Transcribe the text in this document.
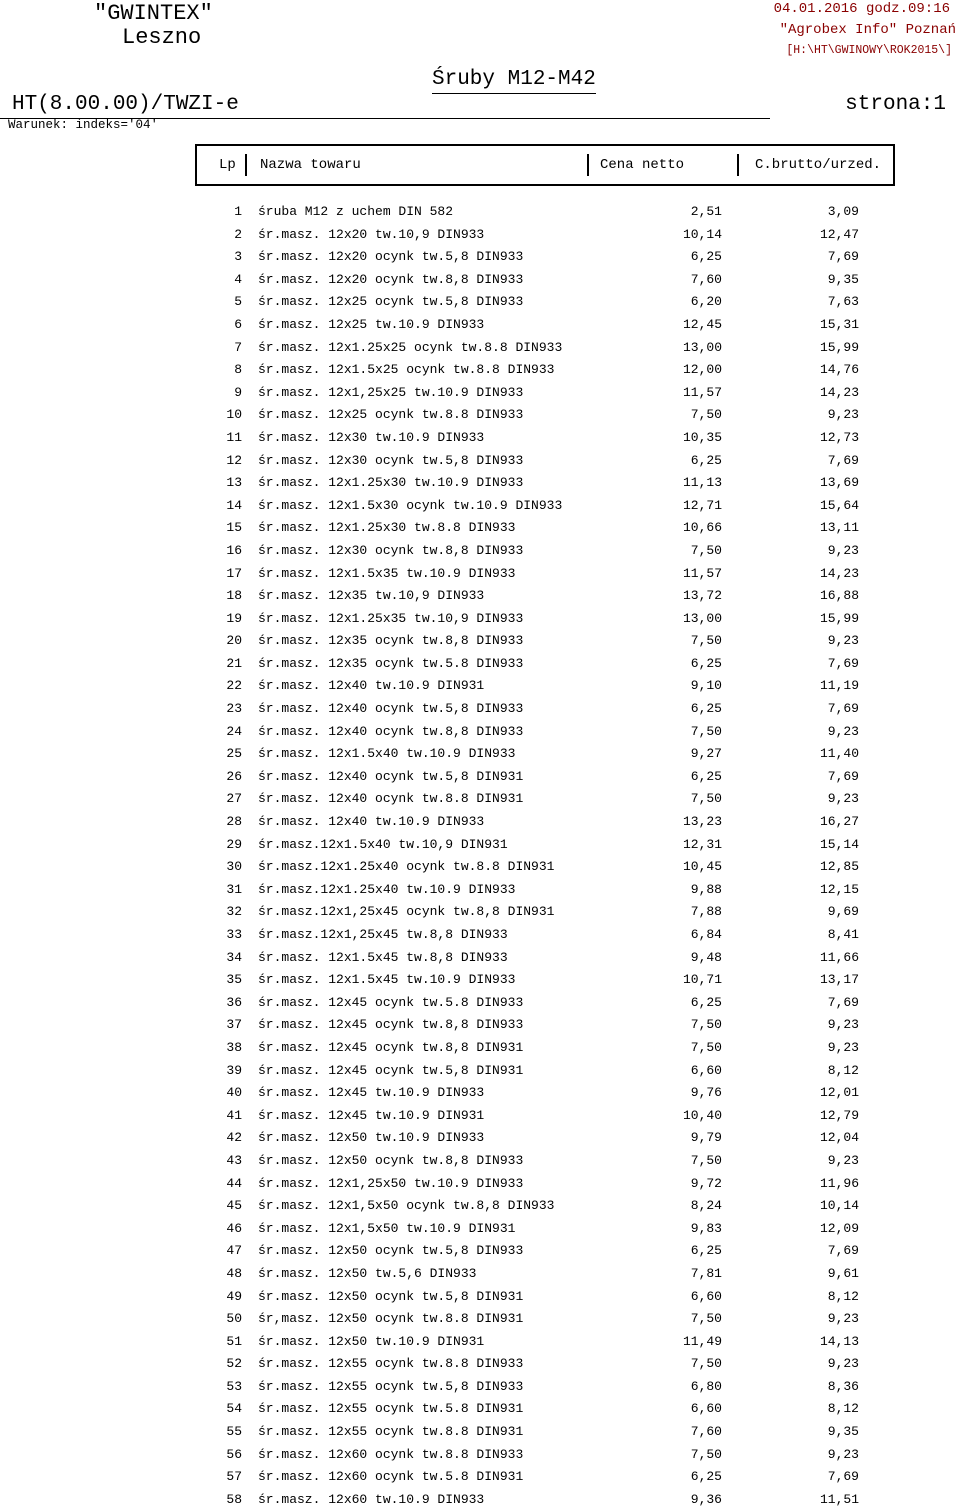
"GWINTEX"
Leszno
04.01.2016 godz.09:16
"Agrobex Info" Poznań
[H:\HT\GWINOWY\ROK2015\]
Śruby M12-M42
HT(8.00.00)/TWZI-e	strona:1
Warunek: indeks='04'
Lp Nazwa towaru	Cena netto	C.brutto/urzed.
1 śruba M12 z uchem DIN 582	2,51	3,09
2 śr.masz. 12x20 tw.10,9 DIN933	10,14	12,47
3 śr.masz. 12x20 ocynk tw.5,8 DIN933	6,25	7,69
4 śr.masz. 12x20 ocynk tw.8,8 DIN933	7,60	9,35
5 śr.masz. 12x25 ocynk tw.5,8 DIN933	6,20	7,63
6 śr.masz. 12x25 tw.10.9 DIN933	12,45	15,31
7 śr.masz. 12x1.25x25 ocynk tw.8.8 DIN933	13,00	15,99
8 śr.masz. 12x1.5x25 ocynk tw.8.8 DIN933	12,00	14,76
9 śr.masz. 12x1,25x25 tw.10.9 DIN933	11,57	14,23
10 śr.masz. 12x25 ocynk tw.8.8 DIN933	7,50	9,23
11 śr.masz. 12x30 tw.10.9 DIN933	10,35	12,73
12 śr.masz. 12x30 ocynk tw.5,8 DIN933	6,25	7,69
13 śr.masz. 12x1.25x30 tw.10.9 DIN933	11,13	13,69
14 śr.masz. 12x1.5x30 ocynk tw.10.9 DIN933	12,71	15,64
15 śr.masz. 12x1.25x30 tw.8.8 DIN933	10,66	13,11
16 śr.masz. 12x30 ocynk tw.8,8 DIN933	7,50	9,23
17 śr.masz. 12x1.5x35 tw.10.9 DIN933	11,57	14,23
18 śr.masz. 12x35 tw.10,9 DIN933	13,72	16,88
19 śr.masz. 12x1.25x35 tw.10,9 DIN933	13,00	15,99
20 śr.masz. 12x35 ocynk tw.8,8 DIN933	7,50	9,23
21 śr.masz. 12x35 ocynk tw.5.8 DIN933	6,25	7,69
22 śr.masz. 12x40 tw.10.9 DIN931	9,10	11,19
23 śr.masz. 12x40 ocynk tw.5,8 DIN933	6,25	7,69
24 śr.masz. 12x40 ocynk tw.8,8 DIN933	7,50	9,23
25 śr.masz. 12x1.5x40 tw.10.9 DIN933	9,27	11,40
26 śr.masz. 12x40 ocynk tw.5,8 DIN931	6,25	7,69
27 śr.masz. 12x40 ocynk tw.8.8 DIN931	7,50	9,23
28 śr.masz. 12x40 tw.10.9 DIN933	13,23	16,27
29 śr.masz.12x1.5x40 tw.10,9 DIN931	12,31	15,14
30 śr.masz.12x1.25x40 ocynk tw.8.8 DIN931	10,45	12,85
31 śr.masz.12x1.25x40 tw.10.9 DIN933	9,88	12,15
32 śr.masz.12x1,25x45 ocynk tw.8,8 DIN931	7,88	9,69
33 śr.masz.12x1,25x45 tw.8,8 DIN933	6,84	8,41
34 śr.masz. 12x1.5x45 tw.8,8 DIN933	9,48	11,66
35 śr.masz. 12x1.5x45 tw.10.9 DIN933	10,71	13,17
36 śr.masz. 12x45 ocynk tw.5.8 DIN933	6,25	7,69
37 śr.masz. 12x45 ocynk tw.8,8 DIN933	7,50	9,23
38 śr.masz. 12x45 ocynk tw.8,8 DIN931	7,50	9,23
39 śr.masz. 12x45 ocynk tw.5,8 DIN931	6,60	8,12
40 śr.masz. 12x45 tw.10.9 DIN933	9,76	12,01
41 śr.masz. 12x45 tw.10.9 DIN931	10,40	12,79
42 śr.masz. 12x50 tw.10.9 DIN933	9,79	12,04
43 śr.masz. 12x50 ocynk tw.8,8 DIN933	7,50	9,23
44 śr.masz. 12x1,25x50 tw.10.9 DIN933	9,72	11,96
45 śr.masz. 12x1,5x50 ocynk tw.8,8 DIN933	8,24	10,14
46 śr.masz. 12x1,5x50 tw.10.9 DIN931	9,83	12,09
47 śr.masz. 12x50 ocynk tw.5,8 DIN933	6,25	7,69
48 śr.masz. 12x50 tw.5,6 DIN933	7,81	9,61
49 śr.masz. 12x50 ocynk tw.5,8 DIN931	6,60	8,12
50 śr,masz. 12x50 ocynk tw.8.8 DIN931	7,50	9,23
51 śr.masz. 12x50 tw.10.9 DIN931	11,49	14,13
52 śr.masz. 12x55 ocynk tw.8.8 DIN933	7,50	9,23
53 śr.masz. 12x55 ocynk tw.5,8 DIN933	6,80	8,36
54 śr.masz. 12x55 ocynk tw.5.8 DIN931	6,60	8,12
55 śr.masz. 12x55 ocynk tw.8.8 DIN931	7,60	9,35
56 śr.masz. 12x60 ocynk tw.8.8 DIN933	7,50	9,23
57 śr.masz. 12x60 ocynk tw.5.8 DIN931	6,25	7,69
58 śr.masz. 12x60 tw.10.9 DIN933	9,36	11,51
